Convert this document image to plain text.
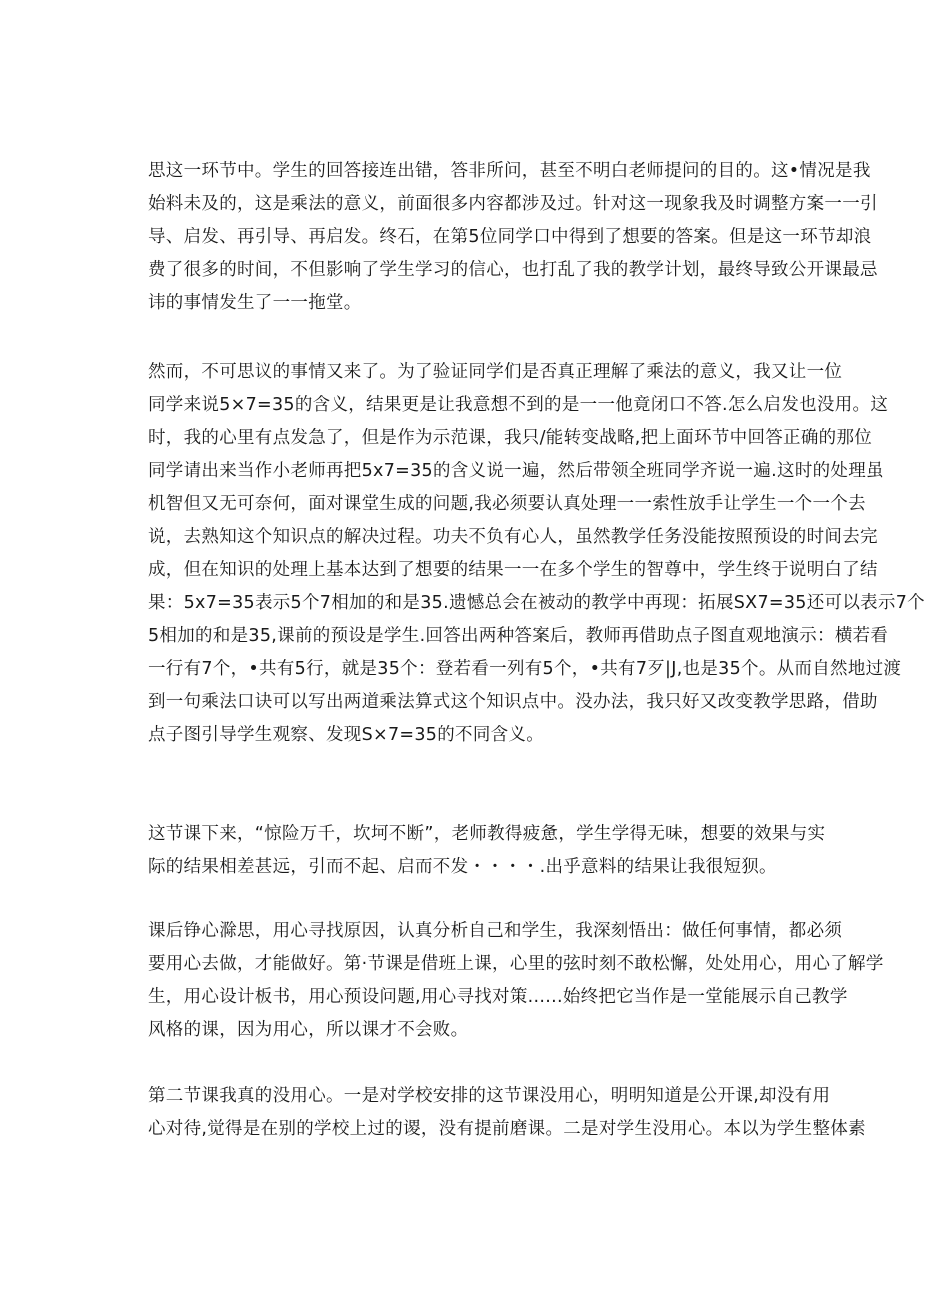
思这一环节中。学生的回答接连出错，答非所问，甚至不明白老师提问的目的。这•情况是我
始料未及的，这是乘法的意义，前面很多内容都涉及过。针对这一现象我及时调整方案一一引
导、启发、再引导、再启发。终石，在第5位同学口中得到了想要的答案。但是这一环节却浪
费了很多的时间，不但影响了学生学习的信心，也打乱了我的教学计划，最终导致公开课最忌
讳的事情发生了一一拖堂。
然而，不可思议的事情又来了。为了验证同学们是否真正理解了乘法的意义，我又让一位
同学来说5×7=35的含义，结果更是让我意想不到的是一一他竟闭口不答.怎么启发也没用。这
时，我的心里有点发急了，但是作为示范课，我只/能转变战略,把上面环节中回答正确的那位
同学请出来当作小老师再把5x7=35的含义说一遍，然后带领全班同学齐说一遍.这时的处理虽
机智但又无可奈何，面对课堂生成的问题,我必须要认真处理一一索性放手让学生一个一个去
说，去熟知这个知识点的解决过程。功夫不负有心人，虽然教学任务没能按照预设的时间去完
成，但在知识的处理上基本达到了想要的结果一一在多个学生的智尊中，学生终于说明白了结
果：5x7=35表示5个7相加的和是35.遗憾总会在被动的教学中再现：拓展SX7=35还可以表示7个
5相加的和是35,课前的预设是学生.回答出两种答案后，教师再借助点子图直观地演示：横若看
一行有7个，•共有5行，就是35个：登若看一列有5个，•共有7歹|J,也是35个。从而自然地过渡
到一句乘法口诀可以写出两道乘法算式这个知识点中。没办法，我只好又改变教学思路，借助
点子图引导学生观察、发现S×7=35的不同含义。
这节课下来，“惊险万千，坎坷不断”，老师教得疲惫，学生学得无味，想要的效果与实
际的结果相差甚远，引而不起、启而不发・・・・.出乎意料的结果让我很短狈。
课后铮心滁思，用心寻找原因，认真分析自己和学生，我深刻悟出：做任何事情，都必须
要用心去做，才能做好。第·节课是借班上课，心里的弦时刻不敢松懈，处处用心，用心了解学
生，用心设计板书，用心预设问题,用心寻找对策......始终把它当作是一堂能展示自己教学
风格的课，因为用心，所以课才不会败。
第二节课我真的没用心。一是对学校安排的这节课没用心，明明知道是公开课,却没有用
心对待,觉得是在别的学校上过的谡，没有提前磨课。二是对学生没用心。本以为学生整体素
